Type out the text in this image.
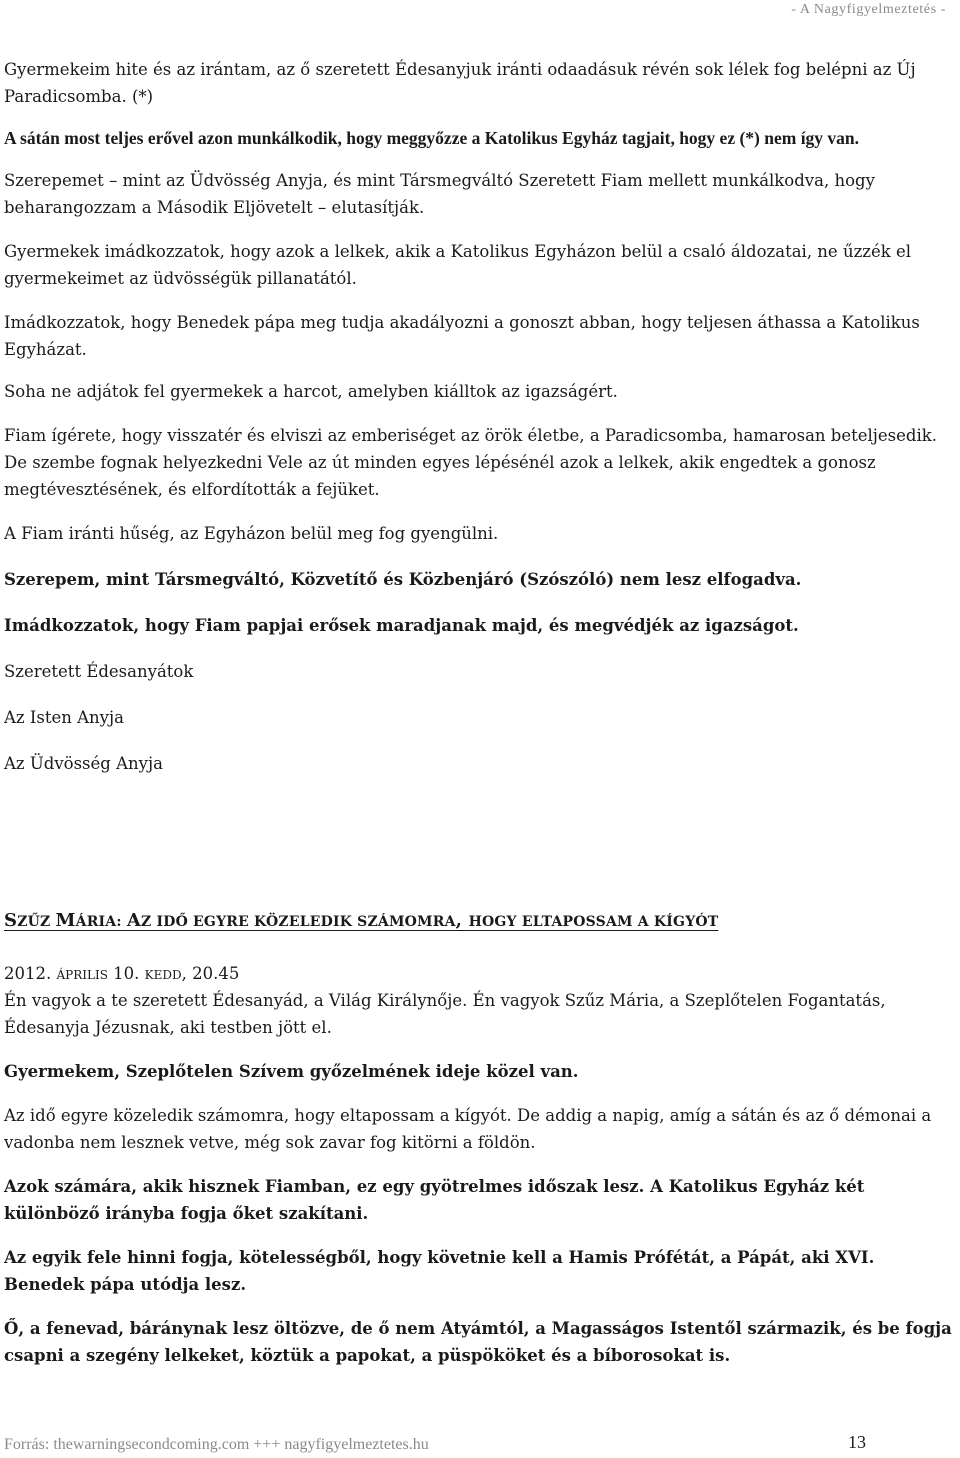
- A Nagyfigyelmeztetés -

Gyermekeim hite és az irántam, az ő szeretett Édesanyjuk iránti odaadásuk révén sok lélek fog belépni az Új Paradicsomba. (*)

A sátán most teljes erővel azon munkálkodik, hogy meggyőzze a Katolikus Egyház tagjait, hogy ez (*) nem így van.

Szerepemet – mint az Üdvösség Anyja, és mint Társmegváltó Szeretett Fiam mellett munkálkodva, hogy beharangozzam a Második Eljövetelt – elutasítják.

Gyermekek imádkozzatok, hogy azok a lelkek, akik a Katolikus Egyházon belül a csaló áldozatai, ne űzzék el gyermekeimet az üdvösségük pillanatától.

Imádkozzatok, hogy Benedek pápa meg tudja akadályozni a gonoszt abban, hogy teljesen áthassa a Katolikus Egyházat.

Soha ne adjátok fel gyermekek a harcot, amelyben kiálltok az igazságért.

Fiam ígérete, hogy visszatér és elviszi az emberiséget az örök életbe, a Paradicsomba, hamarosan beteljesedik. De szembe fognak helyezkedni Vele az út minden egyes lépésénél azok a lelkek, akik engedtek a gonosz megtévesztésének, és elfordították a fejüket.

A Fiam iránti hűség, az Egyházon belül meg fog gyengülni.

Szerepem, mint Társmegváltó, Közvetítő és Közbenjáró (Szószóló) nem lesz elfogadva.

Imádkozzatok, hogy Fiam papjai erősek maradjanak majd, és megvédjék az igazságot.

Szeretett Édesanyátok

Az Isten Anyja

Az Üdvösség Anyja

SZŰZ MÁRIA: AZ IDŐ EGYRE KÖZELEDIK SZÁMOMRA, HOGY ELTAPOSSAM A KÍGYÓT

2012. ÁPRILIS 10. KEDD, 20.45

Én vagyok a te szeretett Édesanyád, a Világ Királynője. Én vagyok Szűz Mária, a Szeplőtelen Fogantatás, Édesanyja Jézusnak, aki testben jött el.

Gyermekem, Szeplőtelen Szívem győzelmének ideje közel van.

Az idő egyre közeledik számomra, hogy eltapossam a kígyót. De addig a napig, amíg a sátán és az ő démonai a vadonba nem lesznek vetve, még sok zavar fog kitörni a földön.

Azok számára, akik hisznek Fiamban, ez egy gyötrelmes időszak lesz. A Katolikus Egyház két különböző irányba fogja őket szakítani.

Az egyik fele hinni fogja, kötelességből, hogy követnie kell a Hamis Prófétát, a Pápát, aki XVI. Benedek pápa utódja lesz.

Ő, a fenevad, báránynak lesz öltözve, de ő nem Atyámtól, a Magasságos Istentől származik, és be fogja csapni a szegény lelkeket, köztük a papokat, a püspököket és a bíborosokat is.

Forrás: thewarningsecondcoming.com +++ nagyfigyelmeztetes.hu	13
